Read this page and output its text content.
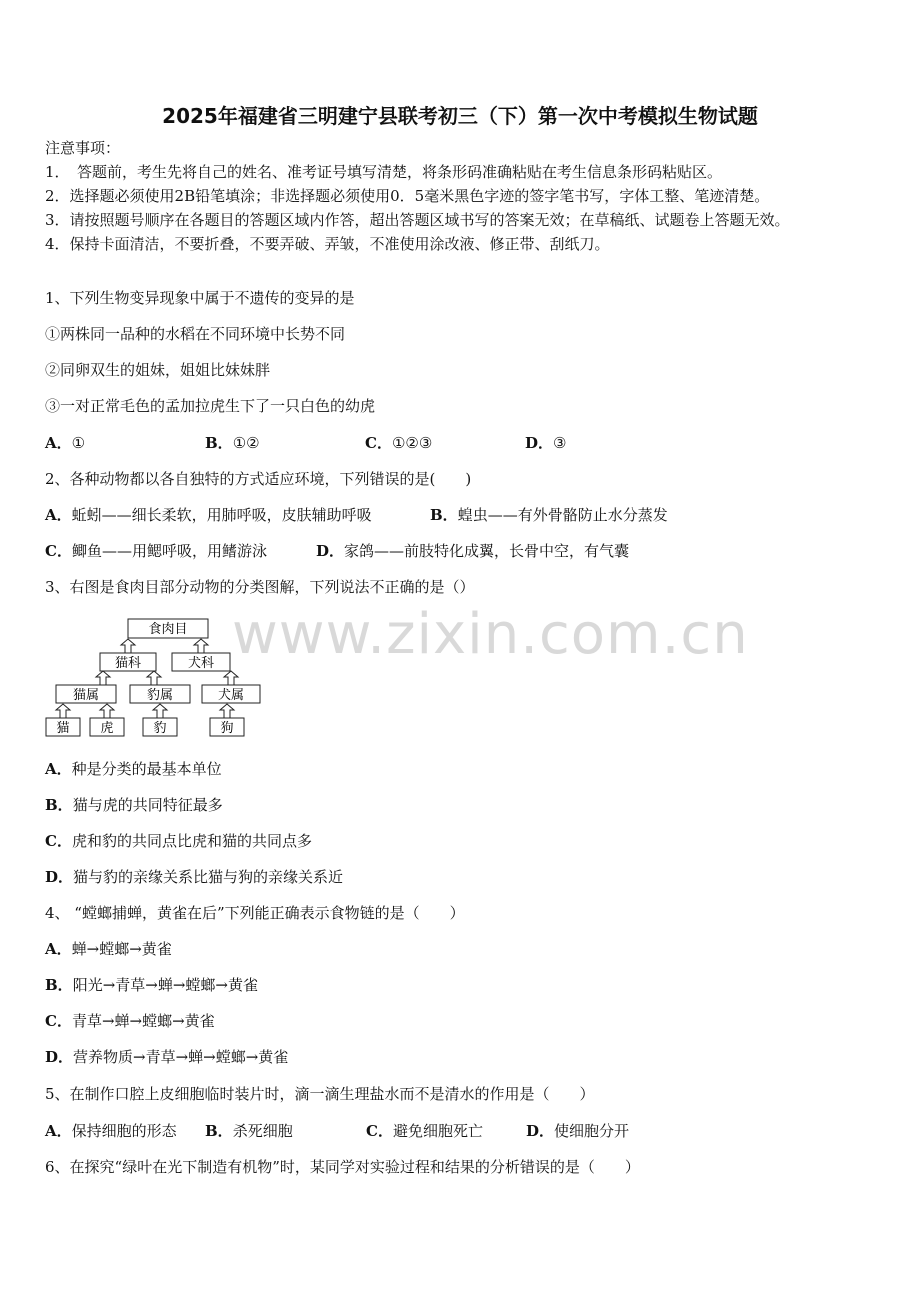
2025年福建省三明建宁县联考初三（下）第一次中考模拟生物试题
注意事项：
1．　答题前，考生先将自己的姓名、准考证号填写清楚，将条形码准确粘贴在考生信息条形码粘贴区。
2．选择题必须使用2B铅笔填涂；非选择题必须使用0．5毫米黑色字迹的签字笔书写，字体工整、笔迹清楚。
3．请按照题号顺序在各题目的答题区域内作答，超出答题区域书写的答案无效；在草稿纸、试题卷上答题无效。
4．保持卡面清洁，不要折叠，不要弄破、弄皱，不准使用涂改液、修正带、刮纸刀。
1、下列生物变异现象中属于不遗传的变异的是
①两株同一品种的水稻在不同环境中长势不同
②同卵双生的姐妹，姐姐比妹妹胖
③一对正常毛色的孟加拉虎生下了一只白色的幼虎
A．①	B．①②	C．①②③	D．③
2、各种动物都以各自独特的方式适应环境，下列错误的是(　　)
A．蚯蚓——细长柔软，用肺呼吸，皮肤辅助呼吸	B．蝗虫——有外骨骼防止水分蒸发
C．鲫鱼——用鳃呼吸，用鳍游泳	D．家鸽——前肢特化成翼，长骨中空，有气囊
3、右图是食肉目部分动物的分类图解，下列说法不正确的是（）
www.zixin.com.cn
食肉目
猫科	犬科
猫属	豹属	犬属
猫 虎	豹	狗
A．种是分类的最基本单位
B．猫与虎的共同特征最多
C．虎和豹的共同点比虎和猫的共同点多
D．猫与豹的亲缘关系比猫与狗的亲缘关系近
4、 “螳螂捕蝉，黄雀在后”下列能正确表示食物链的是（　　）
A．蝉→螳螂→黄雀
B．阳光→青草→蝉→螳螂→黄雀
C．青草→蝉→螳螂→黄雀
D．营养物质→青草→蝉→螳螂→黄雀
5、在制作口腔上皮细胞临时装片时，滴一滴生理盐水而不是清水的作用是（　　）
A．保持细胞的形态 B．杀死细胞	C．避免细胞死亡	D．使细胞分开
6、在探究“绿叶在光下制造有机物”时，某同学对实验过程和结果的分析错误的是（　　）
